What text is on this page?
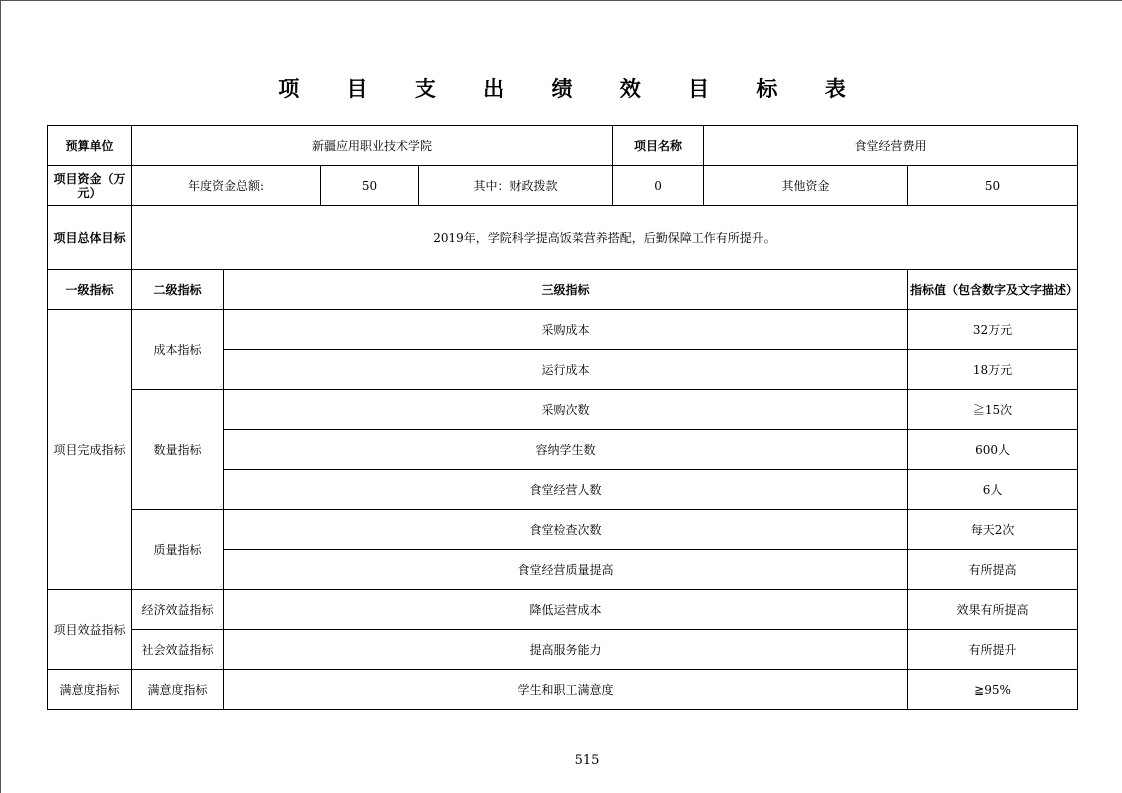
项 目 支 出 绩 效 目 标 表
预算单位	新疆应用职业技术学院				项目名称	食堂经营费用	
项目资金（万元）	年度资金总额:		50	其中：财政拨款	0	其他资金	50
项目总体目标	2019年，学院科学提高饭菜营养搭配，后勤保障工作有所提升。						
一级指标	二级指标	三级指标					指标值（包含数字及文字描述）
项目完成指标	成本指标	采购成本					32万元
		运行成本					18万元
	数量指标	采购次数					≧15次
		容纳学生数					600人
		食堂经营人数					6人
	质量指标	食堂检查次数					每天2次
		食堂经营质量提高					有所提高
项目效益指标	经济效益指标	降低运营成本					效果有所提高
	社会效益指标	提高服务能力					有所提升
满意度指标	满意度指标	学生和职工满意度					≧95%
515
